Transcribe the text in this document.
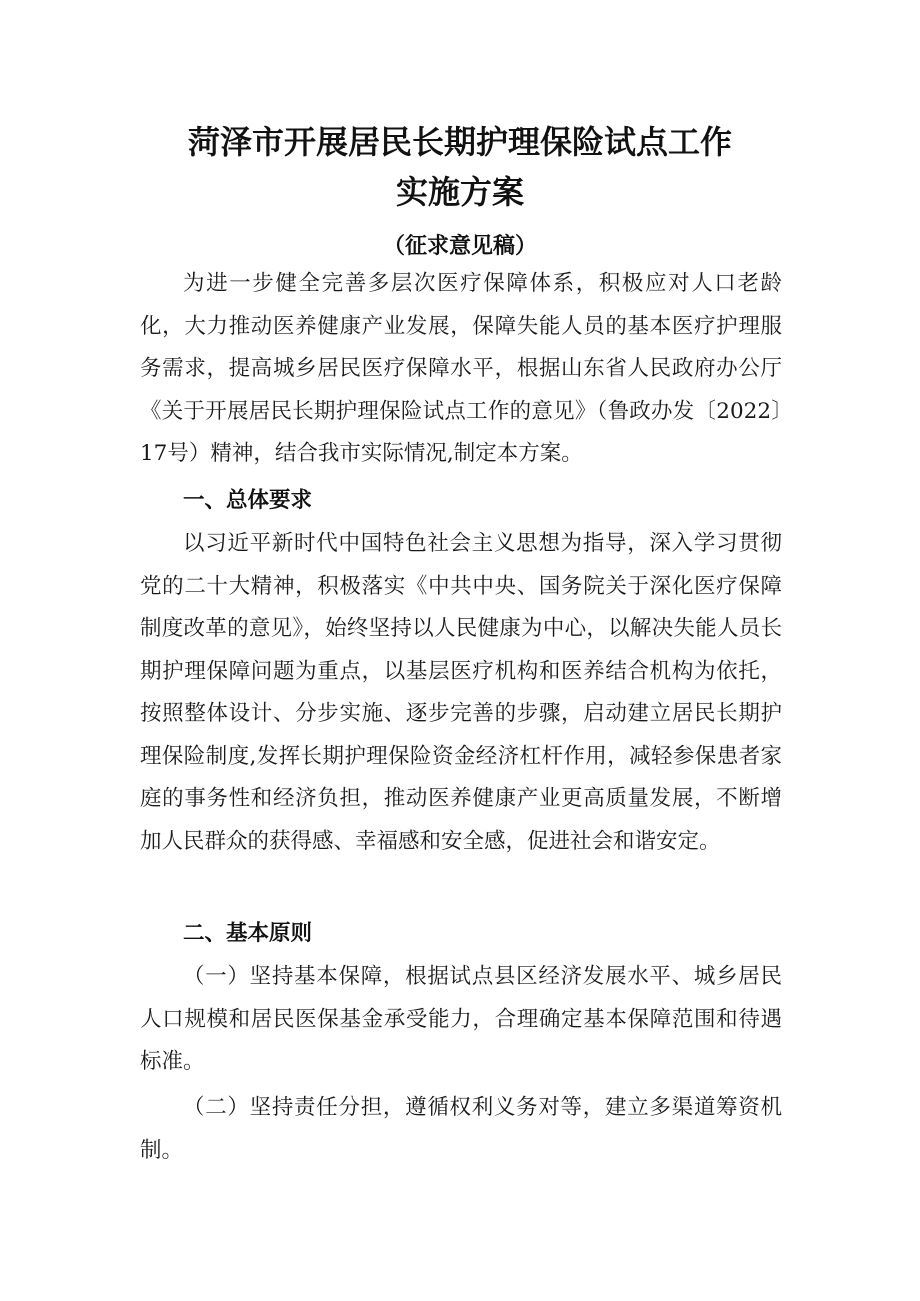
菏泽市开展居民长期护理保险试点工作
实施方案
（征求意见稿）
为进一步健全完善多层次医疗保障体系，积极应对人口老龄化，大力推动医养健康产业发展，保障失能人员的基本医疗护理服务需求，提高城乡居民医疗保障水平，根据山东省人民政府办公厅《关于开展居民长期护理保险试点工作的意见》（鲁政办发〔2022〕17号）精神，结合我市实际情况,制定本方案。
一、总体要求
以习近平新时代中国特色社会主义思想为指导，深入学习贯彻党的二十大精神，积极落实《中共中央、国务院关于深化医疗保障制度改革的意见》，始终坚持以人民健康为中心，以解决失能人员长期护理保障问题为重点，以基层医疗机构和医养结合机构为依托，按照整体设计、分步实施、逐步完善的步骤，启动建立居民长期护理保险制度,发挥长期护理保险资金经济杠杆作用，减轻参保患者家庭的事务性和经济负担，推动医养健康产业更高质量发展，不断增加人民群众的获得感、幸福感和安全感，促进社会和谐安定。
二、基本原则
（一）坚持基本保障，根据试点县区经济发展水平、城乡居民人口规模和居民医保基金承受能力，合理确定基本保障范围和待遇标准。
（二）坚持责任分担，遵循权利义务对等，建立多渠道筹资机制。
